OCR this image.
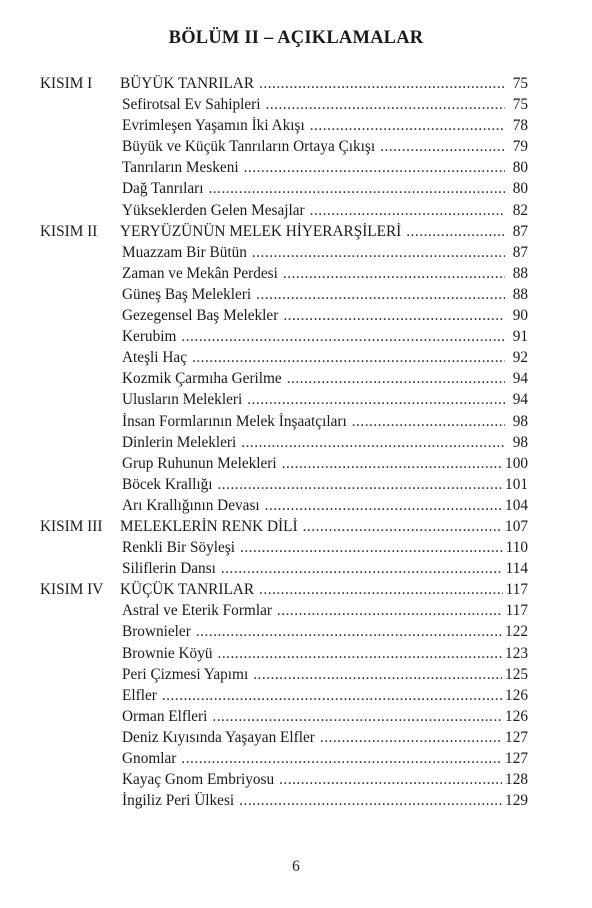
BÖLÜM II – AÇIKLAMALAR
KISIM I	BÜYÜK TANRILAR .....	75
Sefirotsal Ev Sahipleri .....	75
Evrimleşen Yaşamın İki Akışı .....	78
Büyük ve Küçük Tanrıların Ortaya Çıkışı .....	79
Tanrıların Meskeni .....	80
Dağ Tanrıları .....	80
Yükseklerden Gelen Mesajlar .....	82
KISIM II	YERYÜZÜNÜN MELEK HİYERARŞİLERİ .....	87
Muazzam Bir Bütün .....	87
Zaman ve Mekân Perdesi .....	88
Güneş Baş Melekleri .....	88
Gezegensel Baş Melekler .....	90
Kerubim .....	91
Ateşli Haç .....	92
Kozmik Çarmıha Gerilme .....	94
Ulusların Melekleri .....	94
İnsan Formlarının Melek İnşaatçıları .....	98
Dinlerin Melekleri .....	98
Grup Ruhunun Melekleri .....	100
Böcek Krallığı .....	101
Arı Krallığının Devası .....	104
KISIM III	MELEKLERİN RENK DİLİ .....	107
Renkli Bir Söyleşi .....	110
Siliflerin Dansı .....	114
KISIM IV	KÜÇÜK TANRILAR .....	117
Astral ve Eterik Formlar .....	117
Brownieler .....	122
Brownie Köyü .....	123
Peri Çizmesi Yapımı .....	125
Elfler .....	126
Orman Elfleri .....	126
Deniz Kıyısında Yaşayan Elfler .....	127
Gnomlar .....	127
Kayaç Gnom Embriyosu .....	128
İngiliz Peri Ülkesi .....	129
6
